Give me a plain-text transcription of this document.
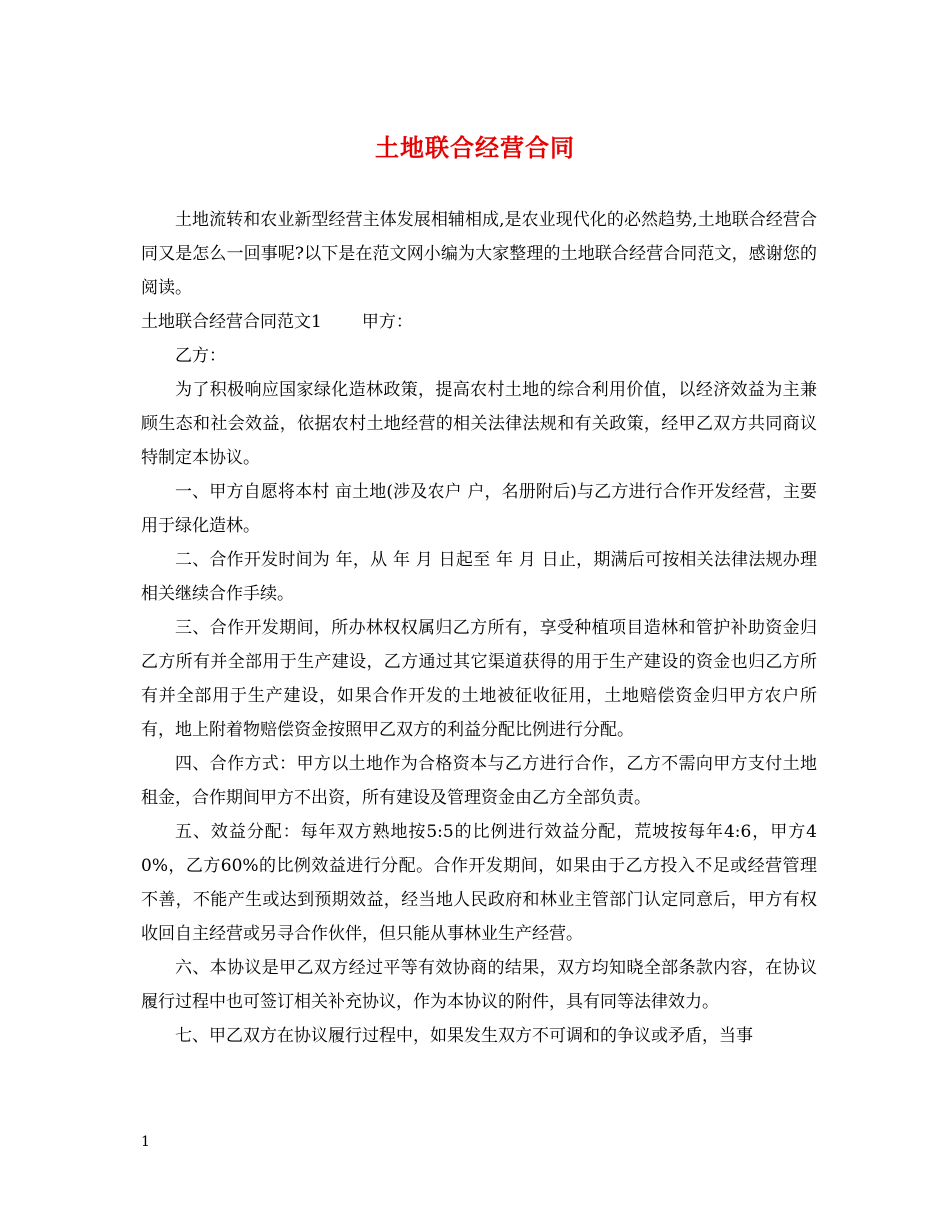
土地联合经营合同

土地流转和农业新型经营主体发展相辅相成,是农业现代化的必然趋势,土地联合经营合同又是怎么一回事呢?以下是在范文网小编为大家整理的土地联合经营合同范文，感谢您的阅读。

土地联合经营合同范文1 甲方：

乙方：

为了积极响应国家绿化造林政策，提高农村土地的综合利用价值，以经济效益为主兼顾生态和社会效益，依据农村土地经营的相关法律法规和有关政策，经甲乙双方共同商议特制定本协议。

一、甲方自愿将本村 亩土地(涉及农户 户，名册附后)与乙方进行合作开发经营，主要用于绿化造林。

二、合作开发时间为 年，从 年 月 日起至 年 月 日止，期满后可按相关法律法规办理相关继续合作手续。

三、合作开发期间，所办林权权属归乙方所有，享受种植项目造林和管护补助资金归乙方所有并全部用于生产建设，乙方通过其它渠道获得的用于生产建设的资金也归乙方所有并全部用于生产建设，如果合作开发的土地被征收征用，土地赔偿资金归甲方农户所有，地上附着物赔偿资金按照甲乙双方的利益分配比例进行分配。

四、合作方式：甲方以土地作为合格资本与乙方进行合作，乙方不需向甲方支付土地租金，合作期间甲方不出资，所有建设及管理资金由乙方全部负责。

五、效益分配：每年双方熟地按5:5的比例进行效益分配，荒坡按每年4:6，甲方40%，乙方60%的比例效益进行分配。合作开发期间，如果由于乙方投入不足或经营管理不善，不能产生或达到预期效益，经当地人民政府和林业主管部门认定同意后，甲方有权收回自主经营或另寻合作伙伴，但只能从事林业生产经营。

六、本协议是甲乙双方经过平等有效协商的结果，双方均知晓全部条款内容，在协议履行过程中也可签订相关补充协议，作为本协议的附件，具有同等法律效力。

七、甲乙双方在协议履行过程中，如果发生双方不可调和的争议或矛盾，当事

1
